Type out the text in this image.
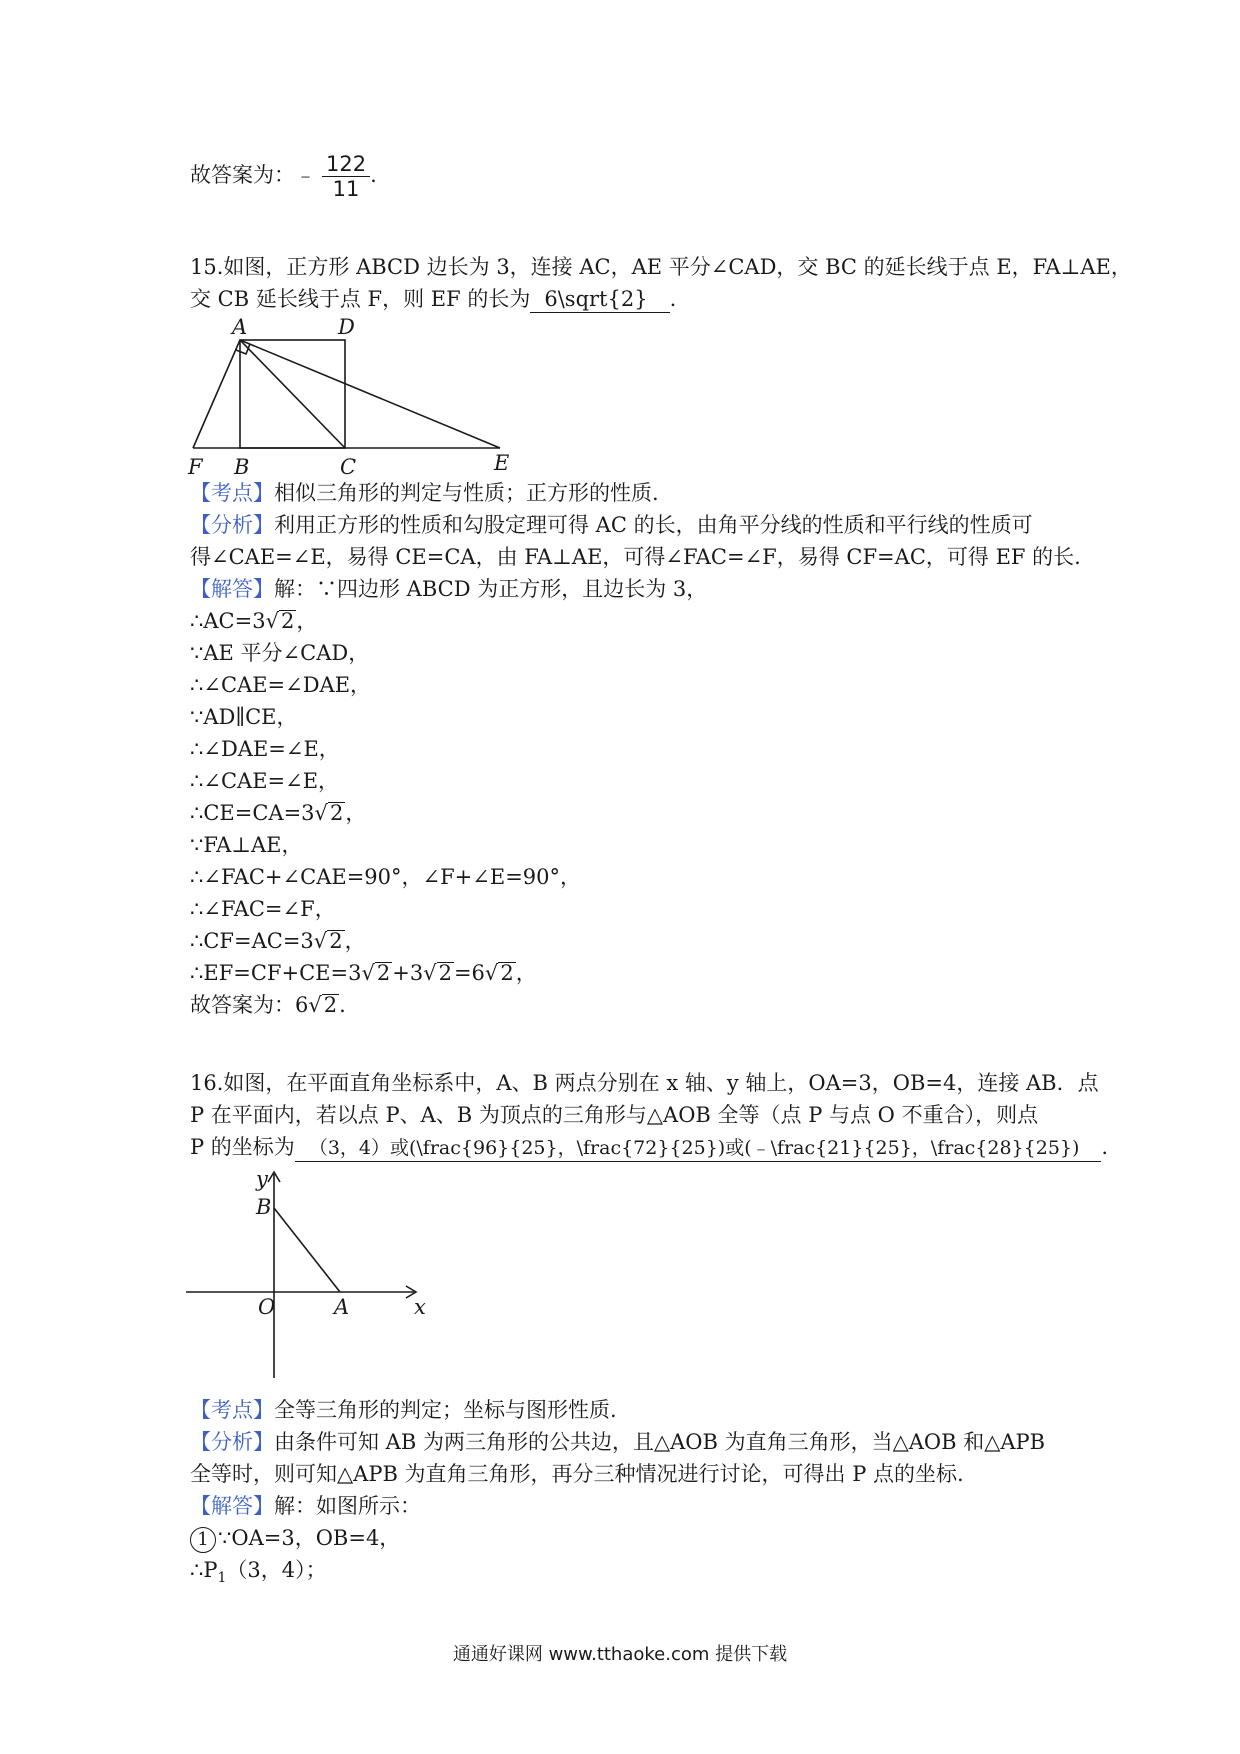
故答案为：﹣ $\frac{122}{11}$ .
15.如图，正方形 ABCD 边长为 3，连接 AC，AE 平分∠CAD，交 BC 的延长线于点 E，FA⊥AE，
交 CB 延长线于点 F，则 EF 的长为 6\sqrt{2} .
A	D
F B	C	E
【考点】相似三角形的判定与性质；正方形的性质.
【分析】利用正方形的性质和勾股定理可得 AC 的长，由角平分线的性质和平行线的性质可
得∠CAE=∠E，易得 CE=CA，由 FA⊥AE，可得∠FAC=∠F，易得 CF=AC，可得 EF 的长.
【解答】解：∵四边形 ABCD 为正方形，且边长为 3，
∴AC=3√2，
∵AE 平分∠CAD，
∴∠CAE=∠DAE，
∵AD∥CE，
∴∠DAE=∠E，
∴∠CAE=∠E，
∴CE=CA=3√2，
∵FA⊥AE，
∴∠FAC+∠CAE=90°，∠F+∠E=90°，
∴∠FAC=∠F，
∴CF=AC=3√2，
∴EF=CF+CE=3√2+3√2=6√2，
故答案为：6√2.
16.如图，在平面直角坐标系中，A、B 两点分别在 x 轴、y 轴上，OA=3，OB=4，连接 AB．点
P 在平面内，若以点 P、A、B 为顶点的三角形与△AOB 全等（点 P 与点 O 不重合），则点
P 的坐标为 （3，4）或(\frac{96}{25}，\frac{72}{25})或(﹣\frac{21}{25}，\frac{28}{25}) .
y
B
O	A	x
【考点】全等三角形的判定；坐标与图形性质.
【分析】由条件可知 AB 为两三角形的公共边，且△AOB 为直角三角形，当△AOB 和△APB
全等时，则可知△APB 为直角三角形，再分三种情况进行讨论，可得出 P 点的坐标.
【解答】解：如图所示：
1 ∵OA=3，OB=4，
$\therefore P_1(3$，4）；
通通好课网 www.tthaoke.com 提供下载
